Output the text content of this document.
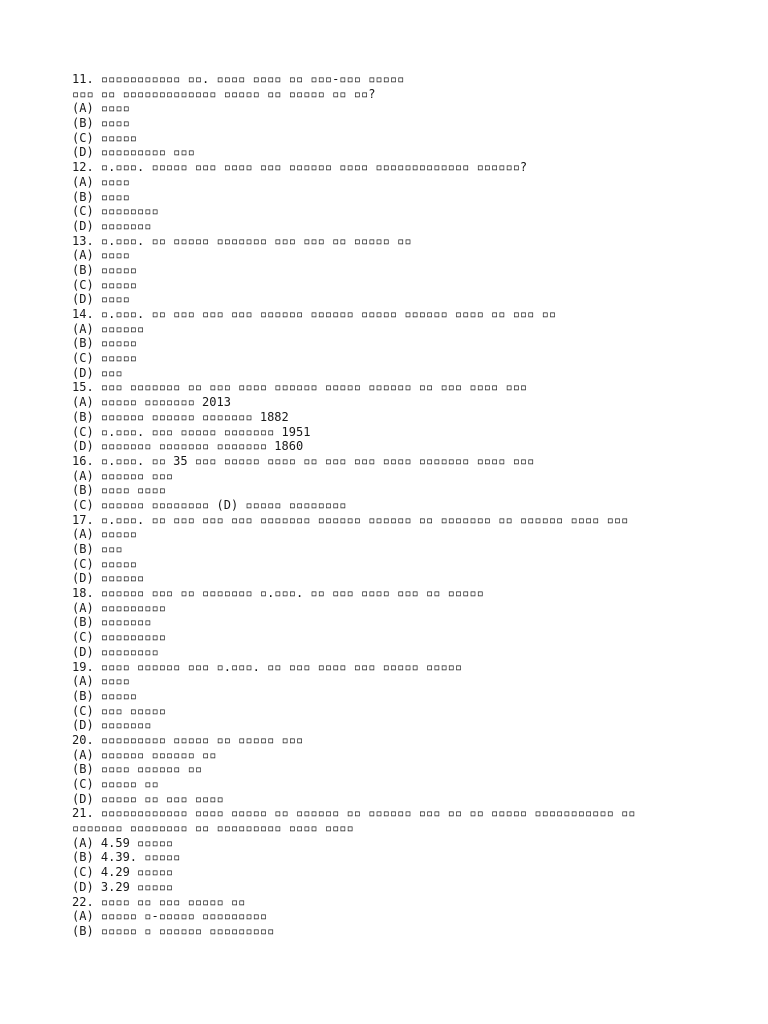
11. ▫▫▫▫▫▫▫▫▫▫▫ ▫▫. ▫▫▫▫ ▫▫▫▫ ▫▫ ▫▫▫-▫▫▫ ▫▫▫▫▫
▫▫▫ ▫▫ ▫▫▫▫▫▫▫▫▫▫▫▫▫ ▫▫▫▫▫ ▫▫ ▫▫▫▫▫ ▫▫ ▫▫?
(A) ▫▫▫▫
(B) ▫▫▫▫
(C) ▫▫▫▫▫
(D) ▫▫▫▫▫▫▫▫▫ ▫▫▫
12. ▫.▫▫▫. ▫▫▫▫▫ ▫▫▫ ▫▫▫▫ ▫▫▫ ▫▫▫▫▫▫ ▫▫▫▫ ▫▫▫▫▫▫▫▫▫▫▫▫▫ ▫▫▫▫▫▫?
(A) ▫▫▫▫
(B) ▫▫▫▫
(C) ▫▫▫▫▫▫▫▫
(D) ▫▫▫▫▫▫▫
13. ▫.▫▫▫. ▫▫ ▫▫▫▫▫ ▫▫▫▫▫▫▫ ▫▫▫ ▫▫▫ ▫▫ ▫▫▫▫▫ ▫▫
(A) ▫▫▫▫
(B) ▫▫▫▫▫
(C) ▫▫▫▫▫
(D) ▫▫▫▫
14. ▫.▫▫▫. ▫▫ ▫▫▫ ▫▫▫ ▫▫▫ ▫▫▫▫▫▫ ▫▫▫▫▫▫ ▫▫▫▫▫ ▫▫▫▫▫▫ ▫▫▫▫ ▫▫ ▫▫▫ ▫▫
(A) ▫▫▫▫▫▫
(B) ▫▫▫▫▫
(C) ▫▫▫▫▫
(D) ▫▫▫
15. ▫▫▫ ▫▫▫▫▫▫▫ ▫▫ ▫▫▫ ▫▫▫▫ ▫▫▫▫▫▫ ▫▫▫▫▫ ▫▫▫▫▫▫ ▫▫ ▫▫▫ ▫▫▫▫ ▫▫▫
(A) ▫▫▫▫▫ ▫▫▫▫▫▫▫ 2013
(B) ▫▫▫▫▫▫ ▫▫▫▫▫▫ ▫▫▫▫▫▫▫ 1882
(C) ▫.▫▫▫. ▫▫▫ ▫▫▫▫▫ ▫▫▫▫▫▫▫ 1951
(D) ▫▫▫▫▫▫▫ ▫▫▫▫▫▫▫ ▫▫▫▫▫▫▫ 1860
16. ▫.▫▫▫. ▫▫ 35 ▫▫▫ ▫▫▫▫▫ ▫▫▫▫ ▫▫ ▫▫▫ ▫▫▫ ▫▫▫▫ ▫▫▫▫▫▫▫ ▫▫▫▫ ▫▫▫
(A) ▫▫▫▫▫▫ ▫▫▫
(B) ▫▫▫▫ ▫▫▫▫
(C) ▫▫▫▫▫▫ ▫▫▫▫▫▫▫▫ (D) ▫▫▫▫▫ ▫▫▫▫▫▫▫▫
17. ▫.▫▫▫. ▫▫ ▫▫▫ ▫▫▫ ▫▫▫ ▫▫▫▫▫▫▫ ▫▫▫▫▫▫ ▫▫▫▫▫▫ ▫▫ ▫▫▫▫▫▫▫ ▫▫ ▫▫▫▫▫▫ ▫▫▫▫ ▫▫▫
(A) ▫▫▫▫▫
(B) ▫▫▫
(C) ▫▫▫▫▫
(D) ▫▫▫▫▫▫
18. ▫▫▫▫▫▫ ▫▫▫ ▫▫ ▫▫▫▫▫▫▫ ▫.▫▫▫. ▫▫ ▫▫▫ ▫▫▫▫ ▫▫▫ ▫▫ ▫▫▫▫▫
(A) ▫▫▫▫▫▫▫▫▫
(B) ▫▫▫▫▫▫▫
(C) ▫▫▫▫▫▫▫▫▫
(D) ▫▫▫▫▫▫▫▫
19. ▫▫▫▫ ▫▫▫▫▫▫ ▫▫▫ ▫.▫▫▫. ▫▫ ▫▫▫ ▫▫▫▫ ▫▫▫ ▫▫▫▫▫ ▫▫▫▫▫
(A) ▫▫▫▫
(B) ▫▫▫▫▫
(C) ▫▫▫ ▫▫▫▫▫
(D) ▫▫▫▫▫▫▫
20. ▫▫▫▫▫▫▫▫▫ ▫▫▫▫▫ ▫▫ ▫▫▫▫▫ ▫▫▫
(A) ▫▫▫▫▫▫ ▫▫▫▫▫▫ ▫▫
(B) ▫▫▫▫ ▫▫▫▫▫▫ ▫▫
(C) ▫▫▫▫▫ ▫▫
(D) ▫▫▫▫▫ ▫▫ ▫▫▫ ▫▫▫▫
21. ▫▫▫▫▫▫▫▫▫▫▫▫ ▫▫▫▫ ▫▫▫▫▫ ▫▫ ▫▫▫▫▫▫ ▫▫ ▫▫▫▫▫▫ ▫▫▫ ▫▫ ▫▫ ▫▫▫▫▫ ▫▫▫▫▫▫▫▫▫▫▫ ▫▫
▫▫▫▫▫▫▫ ▫▫▫▫▫▫▫▫ ▫▫ ▫▫▫▫▫▫▫▫▫ ▫▫▫▫ ▫▫▫▫
(A) 4.59 ▫▫▫▫▫
(B) 4.39. ▫▫▫▫▫
(C) 4.29 ▫▫▫▫▫
(D) 3.29 ▫▫▫▫▫
22. ▫▫▫▫ ▫▫ ▫▫▫ ▫▫▫▫▫ ▫▫
(A) ▫▫▫▫▫ ▫-▫▫▫▫▫ ▫▫▫▫▫▫▫▫▫
(B) ▫▫▫▫▫ ▫ ▫▫▫▫▫▫ ▫▫▫▫▫▫▫▫▫
